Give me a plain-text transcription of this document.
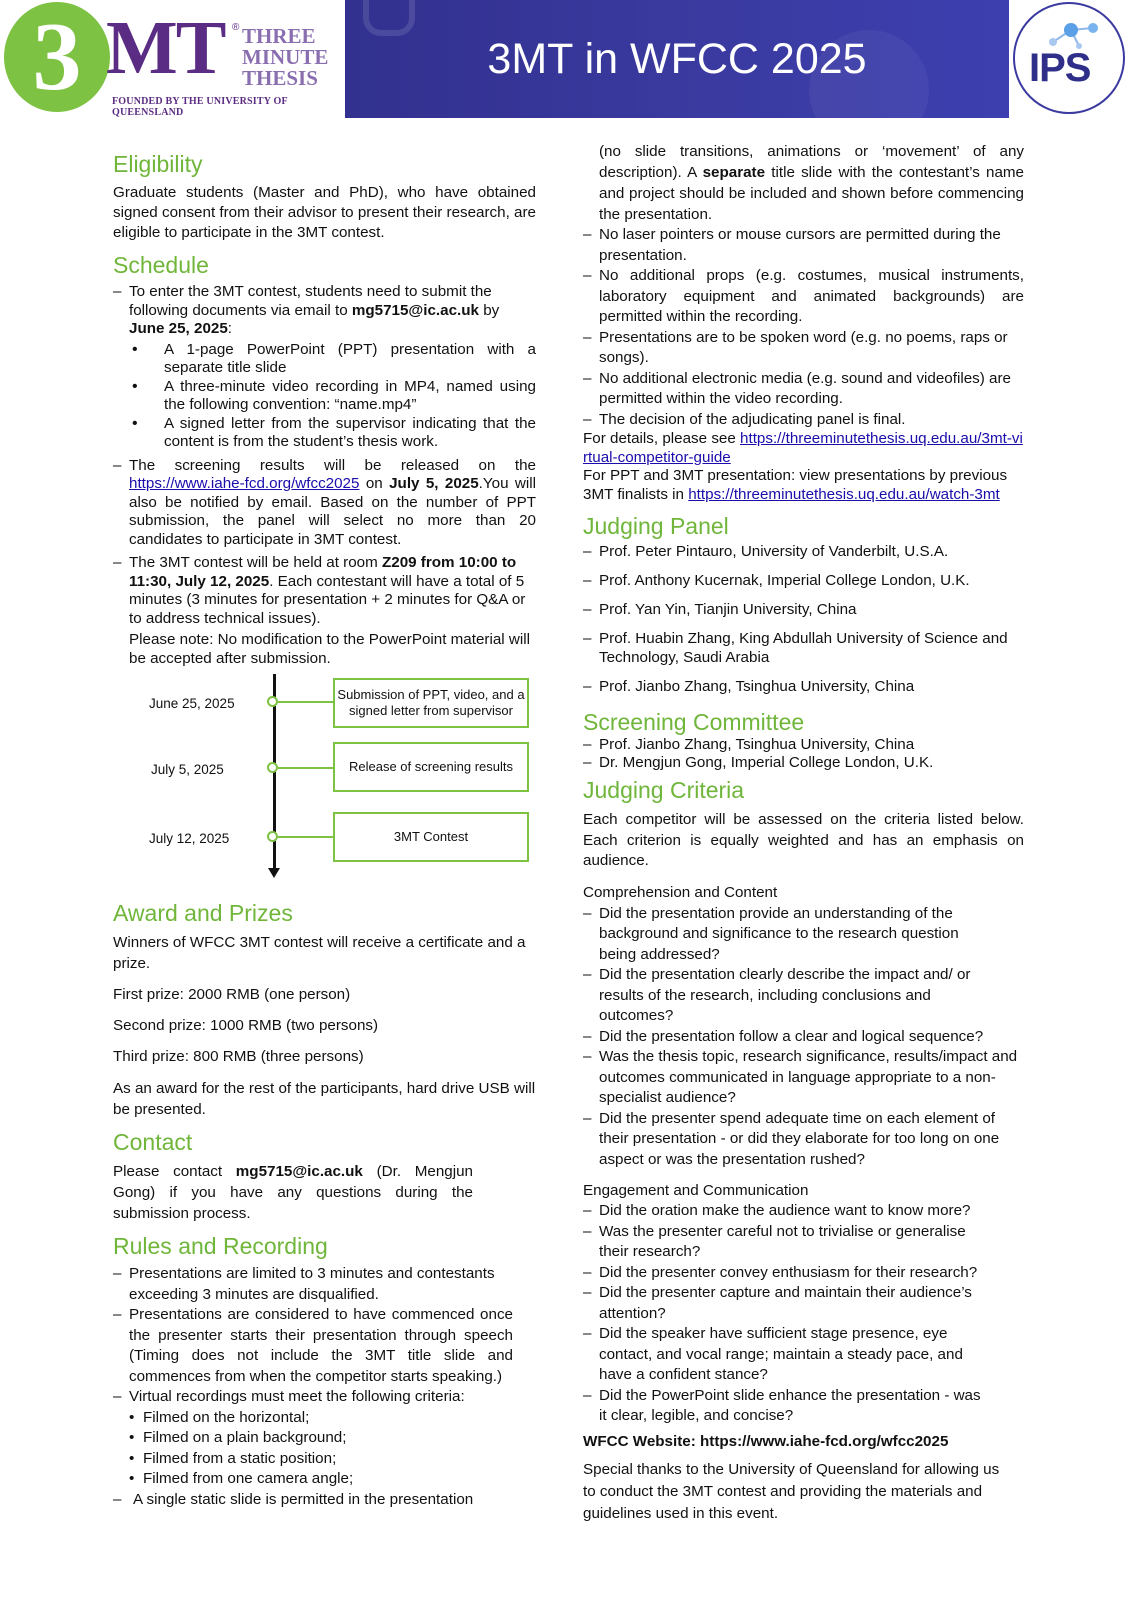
3 MT ® THREE MINUTE THESIS
FOUNDED BY THE UNIVERSITY OF QUEENSLAND
3MT in WFCC 2025	IPS
Eligibility

Graduate students (Master and PhD), who have obtained signed consent from their advisor to present their research, are eligible to participate in the 3MT contest.

Schedule
– To enter the 3MT contest, students need to submit the following documents via email to mg5715@ic.ac.uk by June 25, 2025:
• A 1-page PowerPoint (PPT) presentation with a separate title slide
• A three-minute video recording in MP4, named using the following convention: “name.mp4”
• A signed letter from the supervisor indicating that the content is from the student’s thesis work.
– The screening results will be released on the https://www.iahe-fcd.org/wfcc2025 on July 5, 2025.You will also be notified by email. Based on the number of PPT submission, the panel will select no more than 20 candidates to participate in 3MT contest.
– The 3MT contest will be held at room Z209 from 10:00 to 11:30, July 12, 2025. Each contestant will have a total of 5 minutes (3 minutes for presentation + 2 minutes for Q&A or to address technical issues).

Please note: No modification to the PowerPoint material will be accepted after submission.

June 25, 2025
Submission of PPT, video, and a signed letter from supervisor
July 5, 2025	Release of screening results
July 12, 2025	3MT Contest
Award and Prizes

Winners of WFCC 3MT contest will receive a certificate and a prize.

First prize: 2000 RMB (one person)

Second prize: 1000 RMB (two persons)

Third prize: 800 RMB (three persons)

As an award for the rest of the participants, hard drive USB will be presented.

Contact

Please contact mg5715@ic.ac.uk (Dr. Mengjun Gong) if you have any questions during the submission process.

Rules and Recording
– Presentations are limited to 3 minutes and contestants exceeding 3 minutes are disqualified.
– Presentations are considered to have commenced once the presenter starts their presentation through speech (Timing does not include the 3MT title slide and commences from when the competitor starts speaking.)
– Virtual recordings must meet the following criteria:
• Filmed on the horizontal;
• Filmed on a plain background;
• Filmed from a static position;
• Filmed from one camera angle;
– A single static slide is permitted in the presentation
(no slide transitions, animations or ‘movement’ of any description). A separate title slide with the contestant’s name and project should be included and shown before commencing the presentation.
– No laser pointers or mouse cursors are permitted during the presentation.
– No additional props (e.g. costumes, musical instruments, laboratory equipment and animated backgrounds) are permitted within the recording.
– Presentations are to be spoken word (e.g. no poems, raps or songs).
– No additional electronic media (e.g. sound and videofiles) are permitted within the video recording.
– The decision of the adjudicating panel is final.

For details, please see https://threeminutethesis.uq.edu.au/3mt-virtual-competitor-guide

For PPT and 3MT presentation: view presentations by previous 3MT finalists in https://threeminutethesis.uq.edu.au/watch-3mt

Judging Panel
– Prof. Peter Pintauro, University of Vanderbilt, U.S.A.
– Prof. Anthony Kucernak, Imperial College London, U.K.
– Prof. Yan Yin, Tianjin University, China
– Prof. Huabin Zhang, King Abdullah University of Science and Technology, Saudi Arabia
– Prof. Jianbo Zhang, Tsinghua University, China
Screening Committee
– Prof. Jianbo Zhang, Tsinghua University, China
– Dr. Mengjun Gong, Imperial College London, U.K.
Judging Criteria

Each competitor will be assessed on the criteria listed below. Each criterion is equally weighted and has an emphasis on audience.

Comprehension and Content

– Did the presentation provide an understanding of the background and significance to the research question being addressed?
– Did the presentation clearly describe the impact and/ or results of the research, including conclusions and outcomes?
– Did the presentation follow a clear and logical sequence?
– Was the thesis topic, research significance, results/impact and outcomes communicated in language appropriate to a non-specialist audience?
– Did the presenter spend adequate time on each element of their presentation - or did they elaborate for too long on one aspect or was the presentation rushed?

Engagement and Communication

– Did the oration make the audience want to know more?
– Was the presenter careful not to trivialise or generalise their research?
– Did the presenter convey enthusiasm for their research?
– Did the presenter capture and maintain their audience’s attention?
– Did the speaker have sufficient stage presence, eye contact, and vocal range; maintain a steady pace, and have a confident stance?
– Did the PowerPoint slide enhance the presentation - was it clear, legible, and concise?

WFCC Website: https://www.iahe-fcd.org/wfcc2025

Special thanks to the University of Queensland for allowing us to conduct the 3MT contest and providing the materials and guidelines used in this event.
